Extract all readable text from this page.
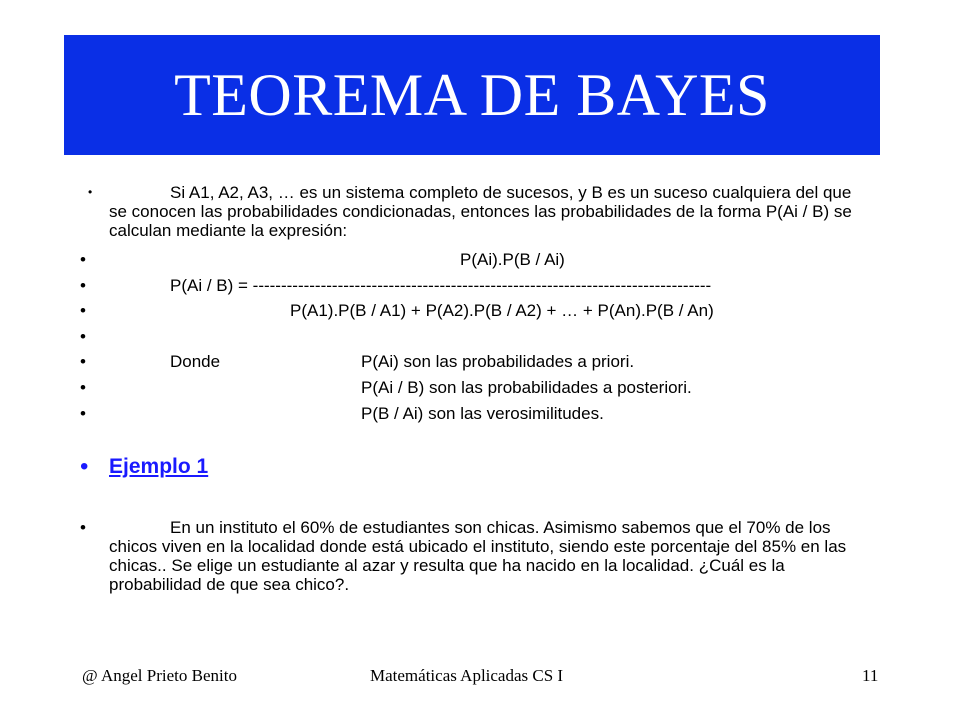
TEOREMA DE BAYES
•	Si A1, A2, A3, … es un sistema completo de sucesos, y B es un suceso cualquiera del que se conocen las probabilidades condicionadas, entonces las probabilidades de la forma P(Ai / B) se calculan mediante la expresión:
•	P(Ai).P(B / Ai)
•	P(Ai / B) = ---------------------------------------------------------------------------------
•	P(A1).P(B / A1) + P(A2).P(B / A2) + … + P(An).P(B / An)
•
•	Donde	P(Ai) son las probabilidades a priori.
•	P(Ai / B) son las probabilidades a posteriori.
•	P(B / Ai) son las verosimilitudes.
• Ejemplo 1
•	En un instituto el 60% de estudiantes son chicas. Asimismo sabemos que el 70% de los chicos viven en la localidad donde está ubicado el instituto, siendo este porcentaje del 85% en las chicas.. Se elige un estudiante al azar y resulta que ha nacido en la localidad. ¿Cuál es la probabilidad de que sea chico?.
@ Angel Prieto Benito	Matemáticas Aplicadas CS I	11
